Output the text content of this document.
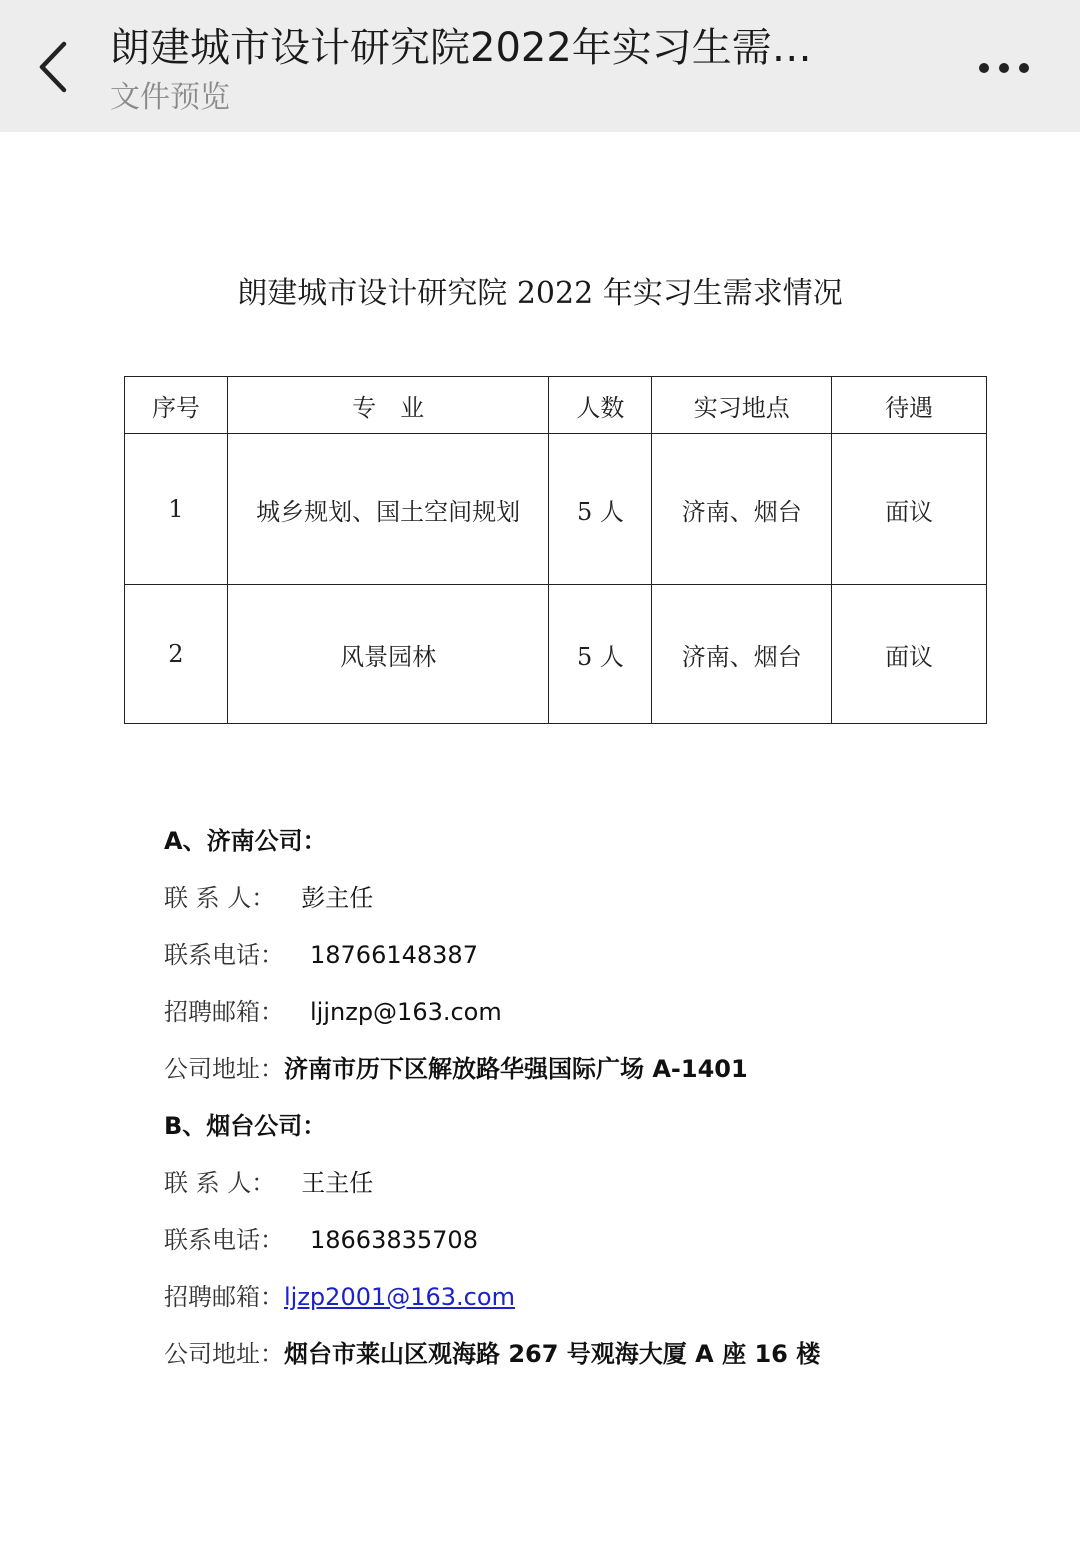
朗建城市设计研究院2022年实习生需…
文件预览
朗建城市设计研究院 2022 年实习生需求情况
序号	专　业	人数	实习地点	待遇
1	城乡规划、国土空间规划	5 人	济南、烟台	面议
2	风景园林	5 人	济南、烟台	面议
A、济南公司：
联 系 人： 彭主任
联系电话： 18766148387
招聘邮箱： ljjnzp@163.com
公司地址：济南市历下区解放路华强国际广场 A-1401
B、烟台公司：
联 系 人： 王主任
联系电话： 18663835708
招聘邮箱：ljzp2001@163.com
公司地址：烟台市莱山区观海路 267 号观海大厦 A 座 16 楼
